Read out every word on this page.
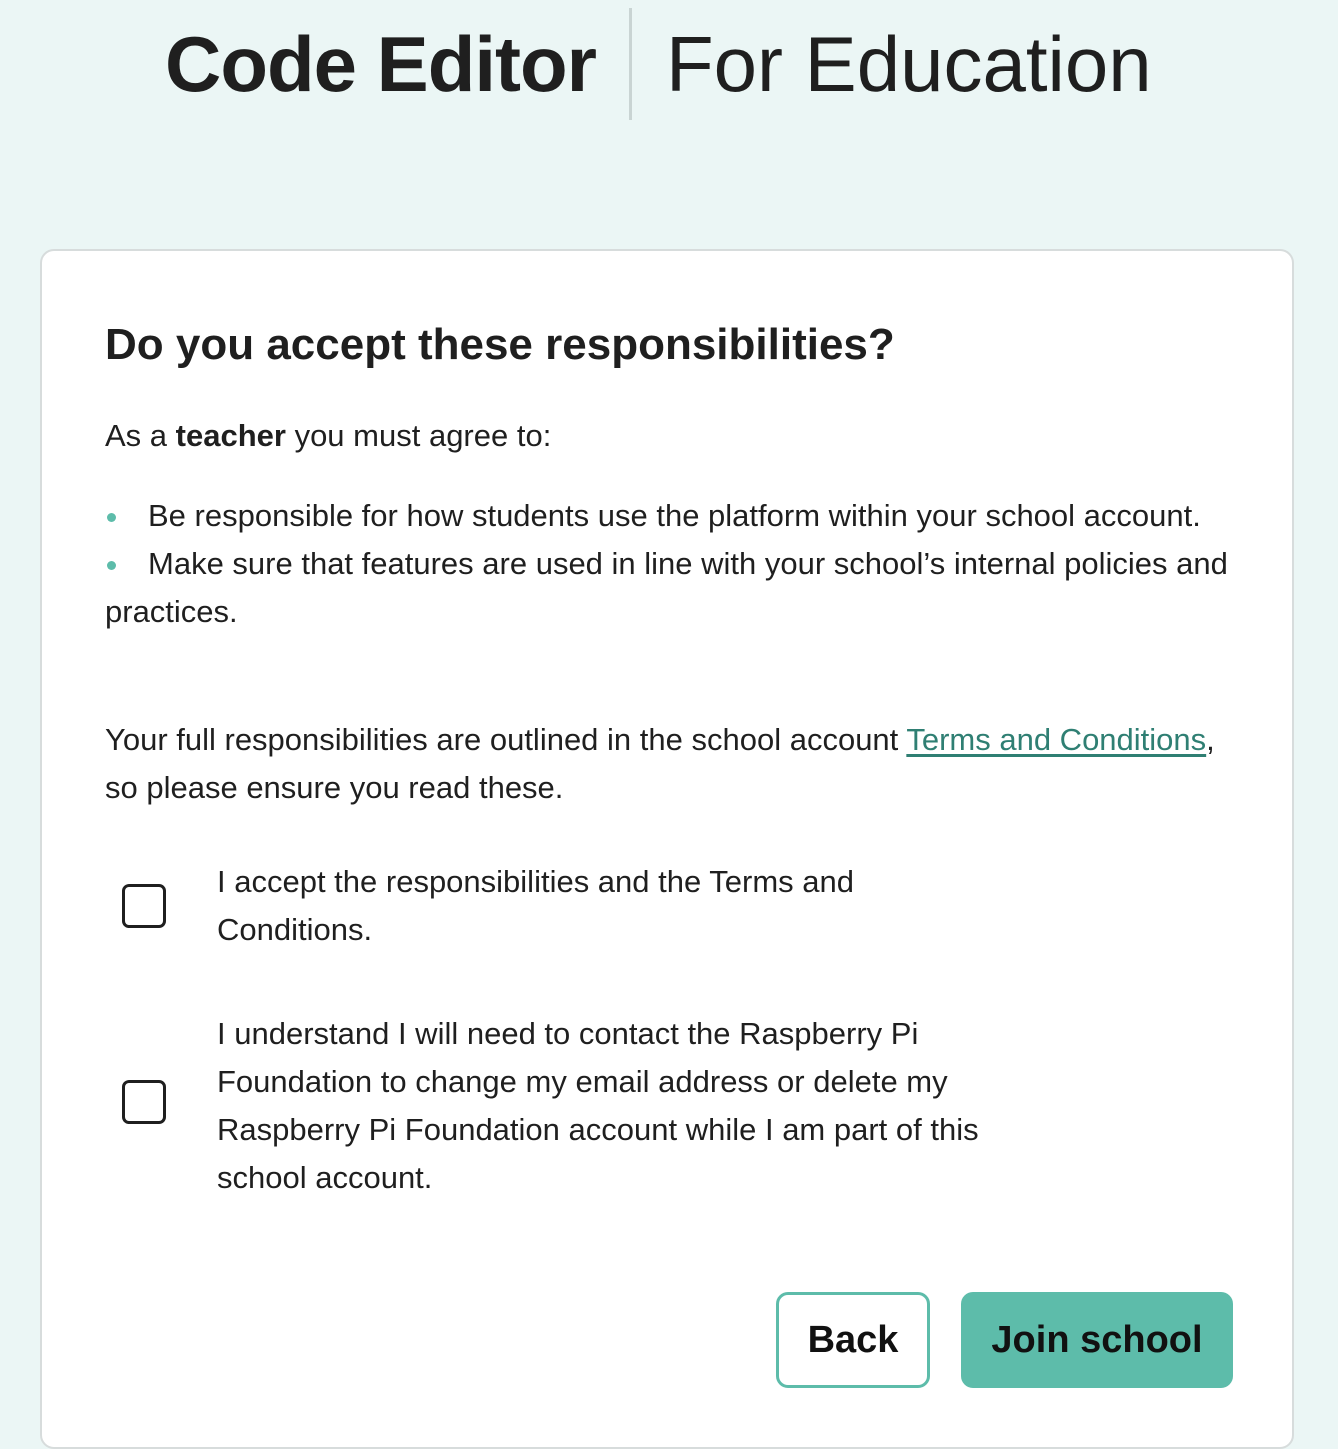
Code Editor For Education
Do you accept these responsibilities?

As a teacher you must agree to:

Be responsible for how students use the platform within your school account.
Make sure that features are used in line with your school’s internal policies and practices.

Your full responsibilities are outlined in the school account Terms and Conditions, so please ensure you read these.

I accept the responsibilities and the Terms and Conditions.
I understand I will need to contact the Raspberry Pi Foundation to change my email address or delete my Raspberry Pi Foundation account while I am part of this school account.
Back	Join school
